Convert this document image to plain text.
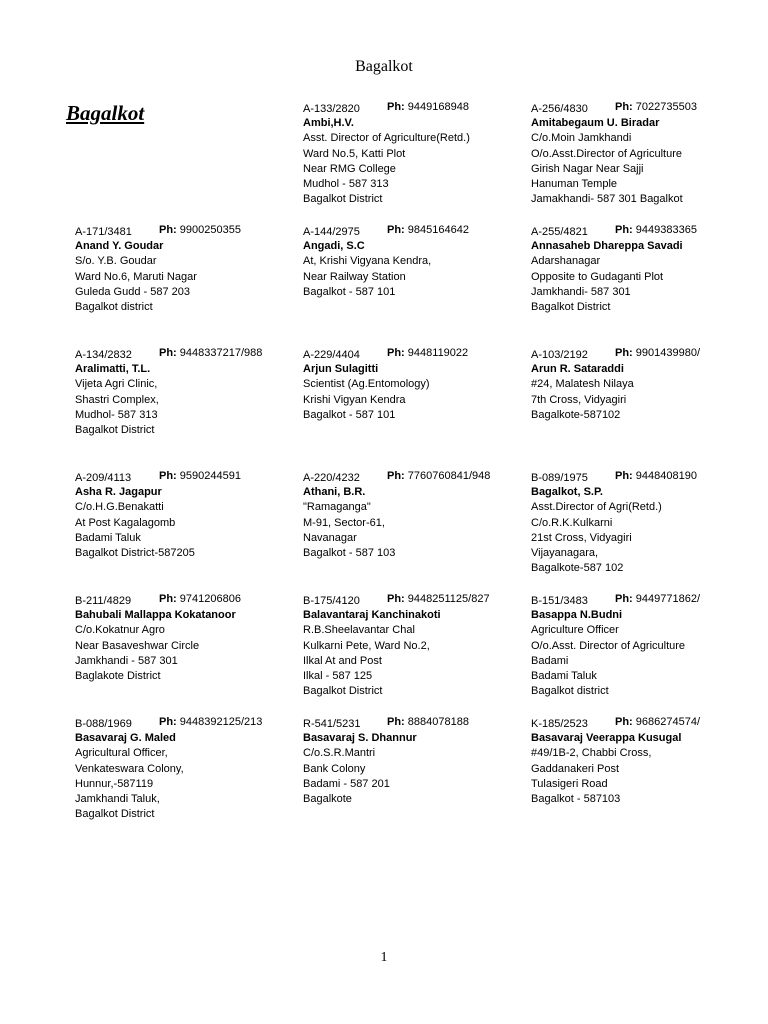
Bagalkot
Bagalkot	A-133/2820 Ph: 9449168948
Ambi,H.V.
Asst. Director of Agriculture(Retd.)
Ward No.5, Katti Plot
Near RMG College
Mudhol - 587 313
Bagalkot District
A-256/4830 Ph: 7022735503
Amitabegaum U. Biradar
C/o.Moin Jamkhandi
O/o.Asst.Director of Agriculture
Girish Nagar Near Sajji
Hanuman Temple
Jamakhandi- 587 301 Bagalkot
A-171/3481 Ph: 9900250355
Anand Y. Goudar
S/o. Y.B. Goudar
Ward No.6, Maruti Nagar
Guleda Gudd - 587 203
Bagalkot district
A-144/2975 Ph: 9845164642
Angadi, S.C
At, Krishi Vigyana Kendra,
Near Railway Station
Bagalkot - 587 101
A-255/4821 Ph: 9449383365
Annasaheb Dhareppa Savadi
Adarshanagar
Opposite to Gudaganti Plot
Jamkhandi- 587 301
Bagalkot District
A-134/2832 Ph: 9448337217/988
Aralimatti, T.L.
Vijeta Agri Clinic,
Shastri Complex,
Mudhol- 587 313
Bagalkot District
A-229/4404 Ph: 9448119022
Arjun Sulagitti
Scientist (Ag.Entomology)
Krishi Vigyan Kendra
Bagalkot - 587 101
A-103/2192 Ph: 9901439980/
Arun R. Sataraddi
#24, Malatesh Nilaya
7th Cross, Vidyagiri
Bagalkote-587102
A-209/4113	Ph: 9590244591
Asha R. Jagapur
C/o.H.G.Benakatti
At Post Kagalagomb
Badami Taluk
Bagalkot District-587205
A-220/4232 Ph: 7760760841/948
Athani, B.R.
"Ramaganga"
M-91, Sector-61,
Navanagar
Bagalkot - 587 103
B-089/1975 Ph: 9448408190
Bagalkot, S.P.
Asst.Director of Agri(Retd.)
C/o.R.K.Kulkarni
21st Cross, Vidyagiri
Vijayanagara,
Bagalkote-587 102
B-211/4829	Ph: 9741206806
Bahubali Mallappa Kokatanoor
C/o.Kokatnur Agro
Near Basaveshwar Circle
Jamkhandi - 587 301
Baglakote District
B-175/4120 Ph: 9448251125/827
Balavantaraj Kanchinakoti
R.B.Sheelavantar Chal
Kulkarni Pete, Ward No.2,
Ilkal At and Post
Ilkal - 587 125
Bagalkot District
B-151/3483 Ph: 9449771862/
Basappa N.Budni
Agriculture Officer
O/o.Asst. Director of Agriculture
Badami
Badami Taluk
Bagalkot district
B-088/1969 Ph: 9448392125/213
Basavaraj G. Maled
Agricultural Officer,
Venkateswara Colony,
Hunnur,-587119
Jamkhandi Taluk,
Bagalkot District
R-541/5231 Ph: 8884078188
Basavaraj S. Dhannur
C/o.S.R.Mantri
Bank Colony
Badami - 587 201
Bagalkote
K-185/2523 Ph: 9686274574/
Basavaraj Veerappa Kusugal
#49/1B-2, Chabbi Cross,
Gaddanakeri Post
Tulasigeri Road
Bagalkot - 587103
1
